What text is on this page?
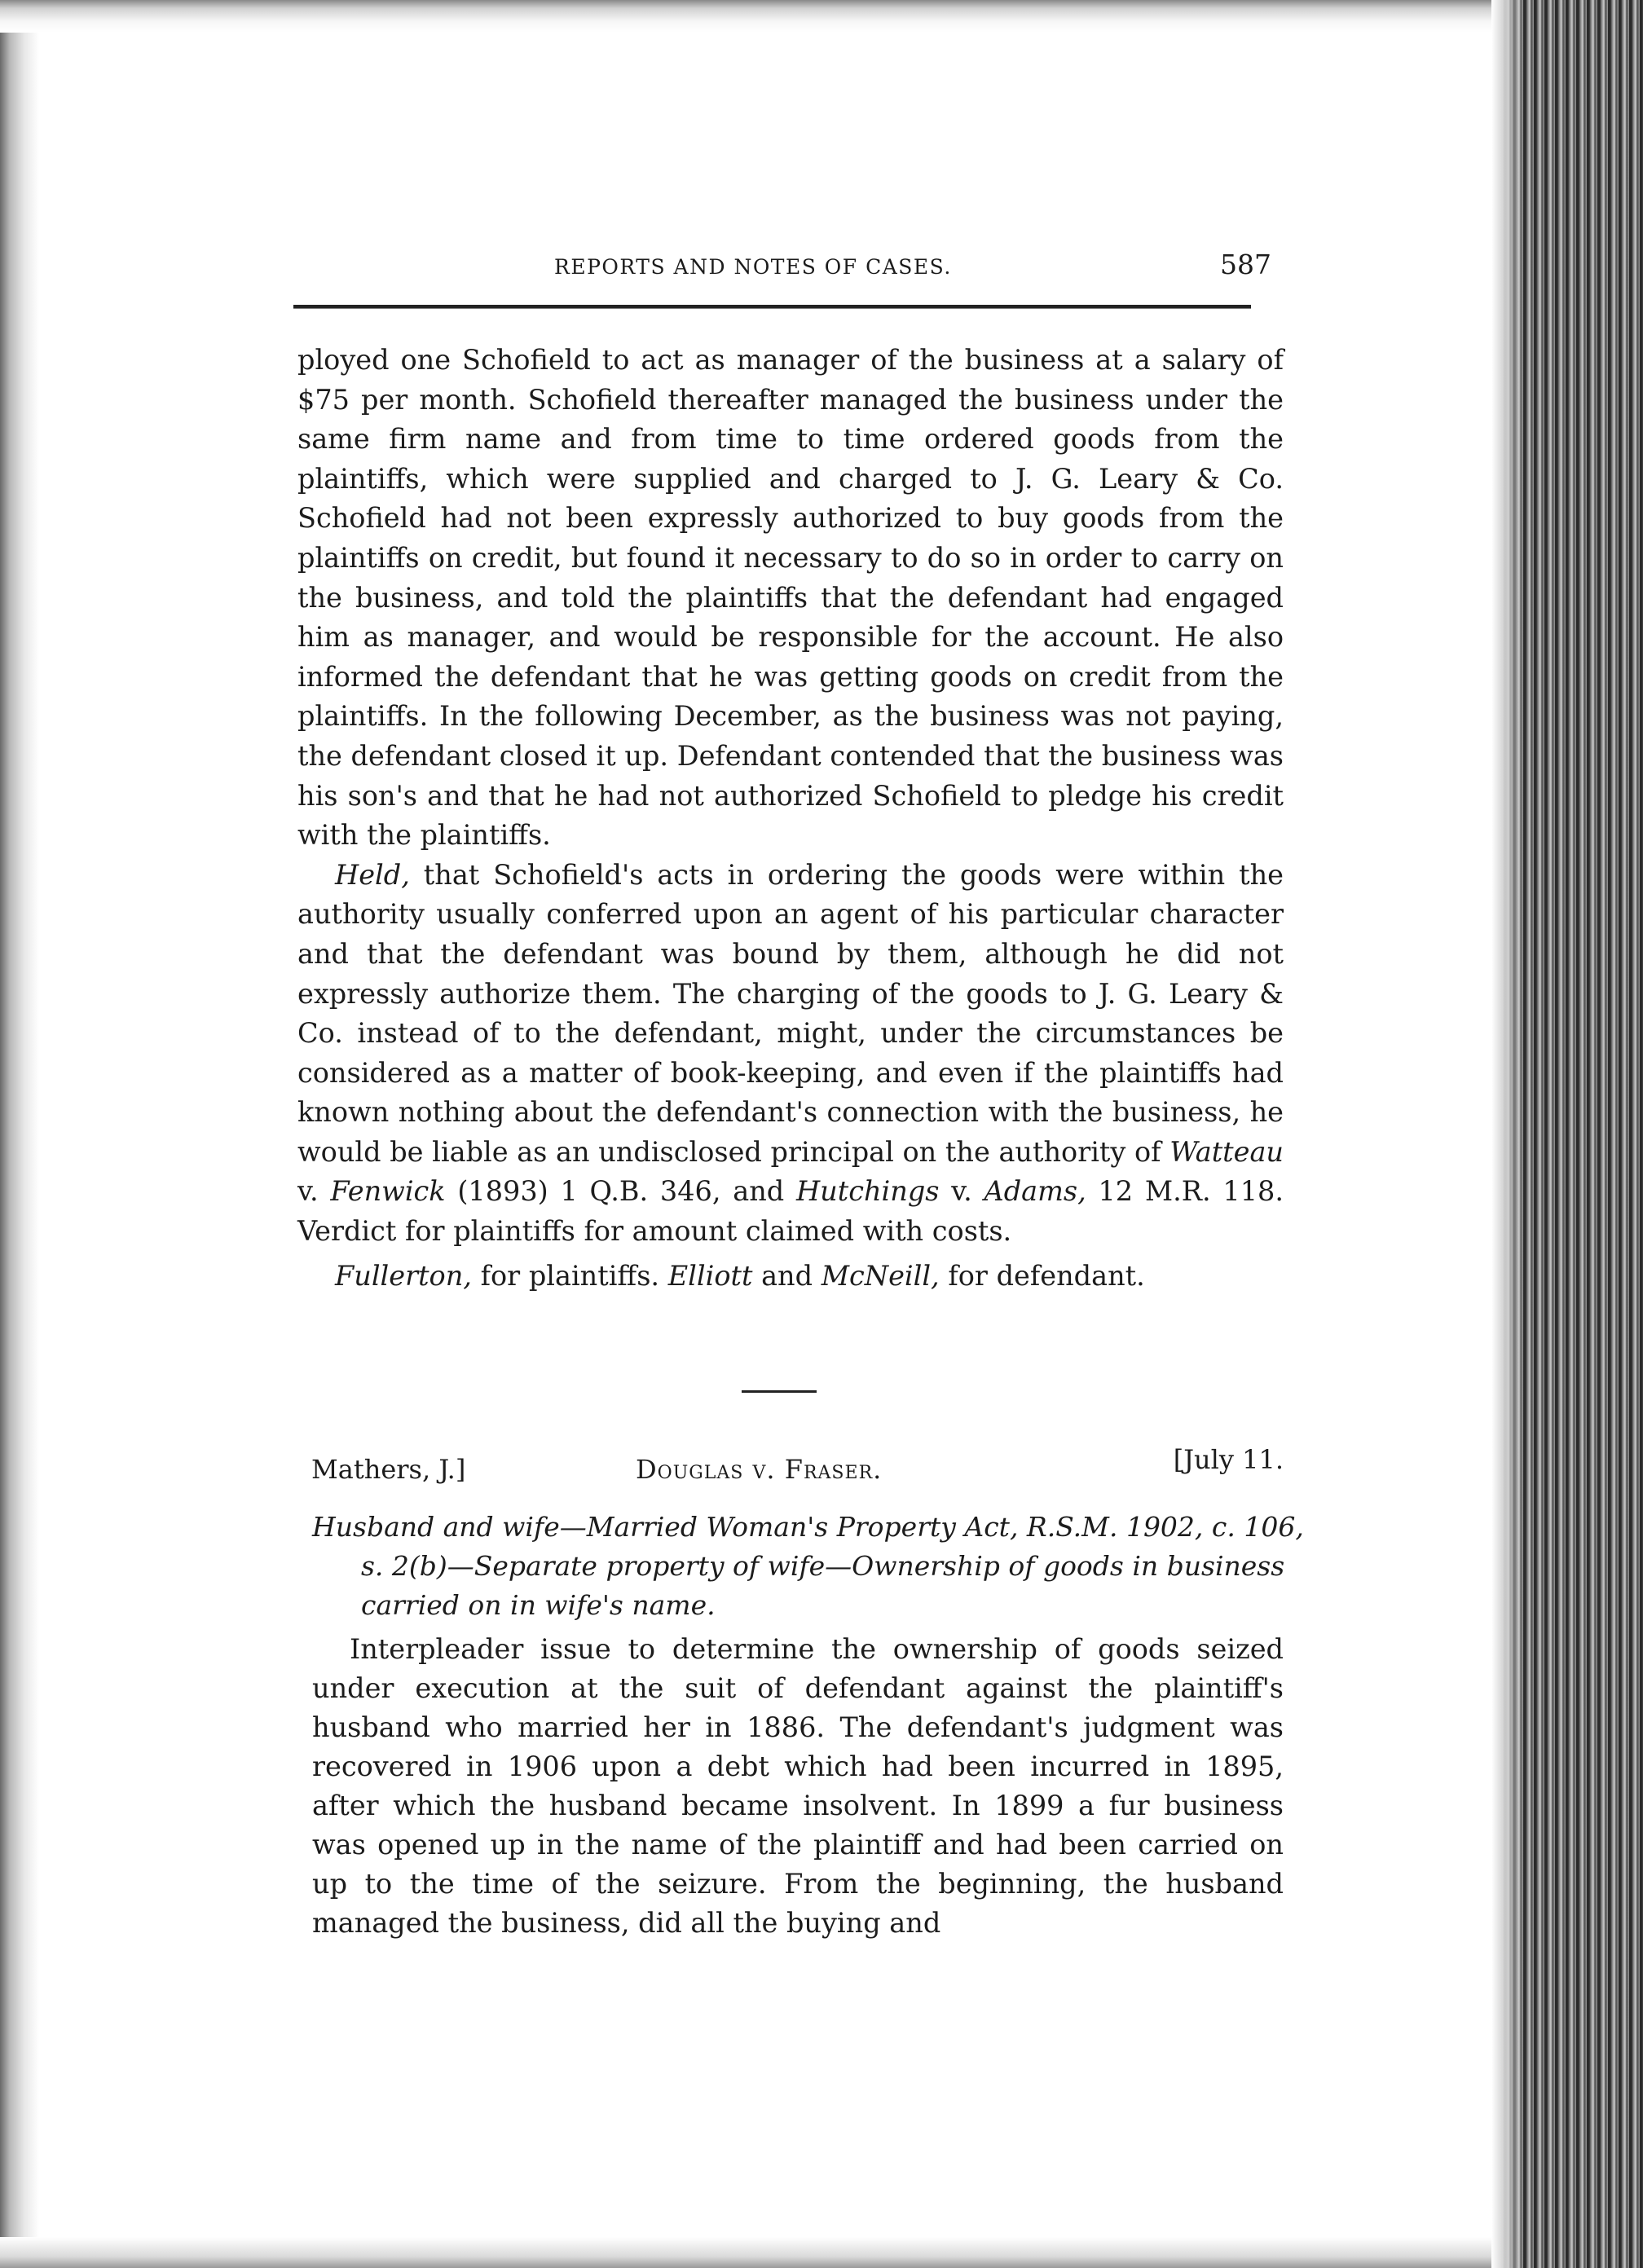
REPORTS AND NOTES OF CASES.	587

ployed one Schofield to act as manager of the business at a salary of $75 per month. Schofield thereafter managed the business under the same firm name and from time to time ordered goods from the plaintiffs, which were supplied and charged to J. G. Leary & Co. Schofield had not been expressly authorized to buy goods from the plaintiffs on credit, but found it necessary to do so in order to carry on the business, and told the plaintiffs that the defendant had engaged him as manager, and would be responsible for the account. He also informed the defendant that he was getting goods on credit from the plaintiffs. In the following December, as the business was not paying, the defendant closed it up. Defendant contended that the business was his son's and that he had not authorized Schofield to pledge his credit with the plaintiffs.

Held, that Schofield's acts in ordering the goods were within the authority usually conferred upon an agent of his particular character and that the defendant was bound by them, although he did not expressly authorize them. The charging of the goods to J. G. Leary & Co. instead of to the defendant, might, under the circumstances be considered as a matter of book-keeping, and even if the plaintiffs had known nothing about the defendant's connection with the business, he would be liable as an undisclosed principal on the authority of Watteau v. Fenwick (1893) 1 Q.B. 346, and Hutchings v. Adams, 12 M.R. 118. Verdict for plaintiffs for amount claimed with costs.

Fullerton, for plaintiffs. Elliott and McNeill, for defendant.

Mathers, J.]	Douglas v. Fraser.	[July 11.
Husband and wife—Married Woman's Property Act, R.S.M. 1902, c. 106, s. 2(b)—Separate property of wife—Ownership of goods in business carried on in wife's name.

Interpleader issue to determine the ownership of goods seized under execution at the suit of defendant against the plaintiff's husband who married her in 1886. The defendant's judgment was recovered in 1906 upon a debt which had been incurred in 1895, after which the husband became insolvent. In 1899 a fur business was opened up in the name of the plaintiff and had been carried on up to the time of the seizure. From the beginning, the husband managed the business, did all the buying and
